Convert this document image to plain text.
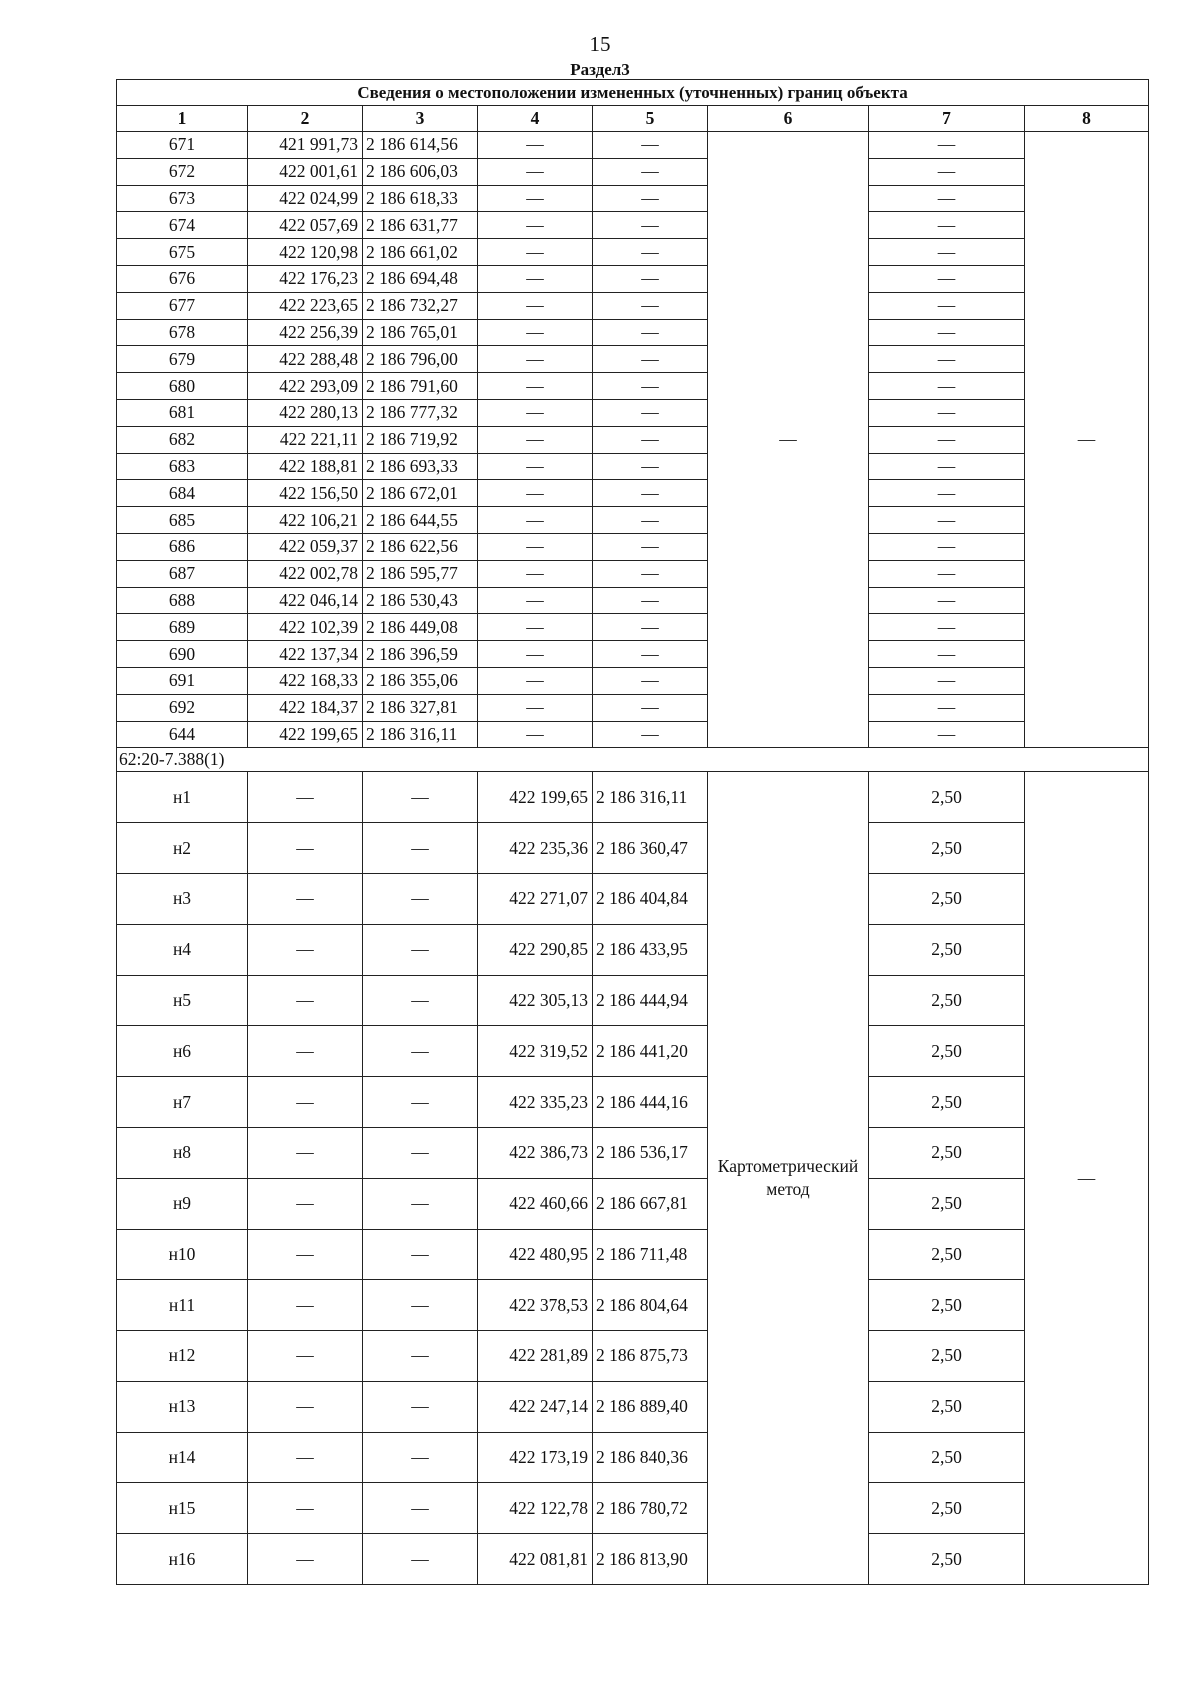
15
Раздел3
Сведения о местоположении измененных (уточненных) границ объекта							
1	2	3	4	5	6	7	8
671	421 991,73	2 186 614,56	—	—	—	—	—
672	422 001,61	2 186 606,03	—	—		—	
673	422 024,99	2 186 618,33	—	—		—	
674	422 057,69	2 186 631,77	—	—		—	
675	422 120,98	2 186 661,02	—	—		—	
676	422 176,23	2 186 694,48	—	—		—	
677	422 223,65	2 186 732,27	—	—		—	
678	422 256,39	2 186 765,01	—	—		—	
679	422 288,48	2 186 796,00	—	—		—	
680	422 293,09	2 186 791,60	—	—		—	
681	422 280,13	2 186 777,32	—	—		—	
682	422 221,11	2 186 719,92	—	—		—	
683	422 188,81	2 186 693,33	—	—		—	
684	422 156,50	2 186 672,01	—	—		—	
685	422 106,21	2 186 644,55	—	—		—	
686	422 059,37	2 186 622,56	—	—		—	
687	422 002,78	2 186 595,77	—	—		—	
688	422 046,14	2 186 530,43	—	—		—	
689	422 102,39	2 186 449,08	—	—		—	
690	422 137,34	2 186 396,59	—	—		—	
691	422 168,33	2 186 355,06	—	—		—	
692	422 184,37	2 186 327,81	—	—		—	
644	422 199,65	2 186 316,11	—	—		—	
62:20-7.388(1)							
н1	—	—	422 199,65	2 186 316,11	Картометрический метод	2,50	—
н2	—	—	422 235,36	2 186 360,47		2,50	
н3	—	—	422 271,07	2 186 404,84		2,50	
н4	—	—	422 290,85	2 186 433,95		2,50	
н5	—	—	422 305,13	2 186 444,94		2,50	
н6	—	—	422 319,52	2 186 441,20		2,50	
н7	—	—	422 335,23	2 186 444,16		2,50	
н8	—	—	422 386,73	2 186 536,17		2,50	
н9	—	—	422 460,66	2 186 667,81		2,50	
н10	—	—	422 480,95	2 186 711,48		2,50	
н11	—	—	422 378,53	2 186 804,64		2,50	
н12	—	—	422 281,89	2 186 875,73		2,50	
н13	—	—	422 247,14	2 186 889,40		2,50	
н14	—	—	422 173,19	2 186 840,36		2,50	
н15	—	—	422 122,78	2 186 780,72		2,50	
н16	—	—	422 081,81	2 186 813,90		2,50	
